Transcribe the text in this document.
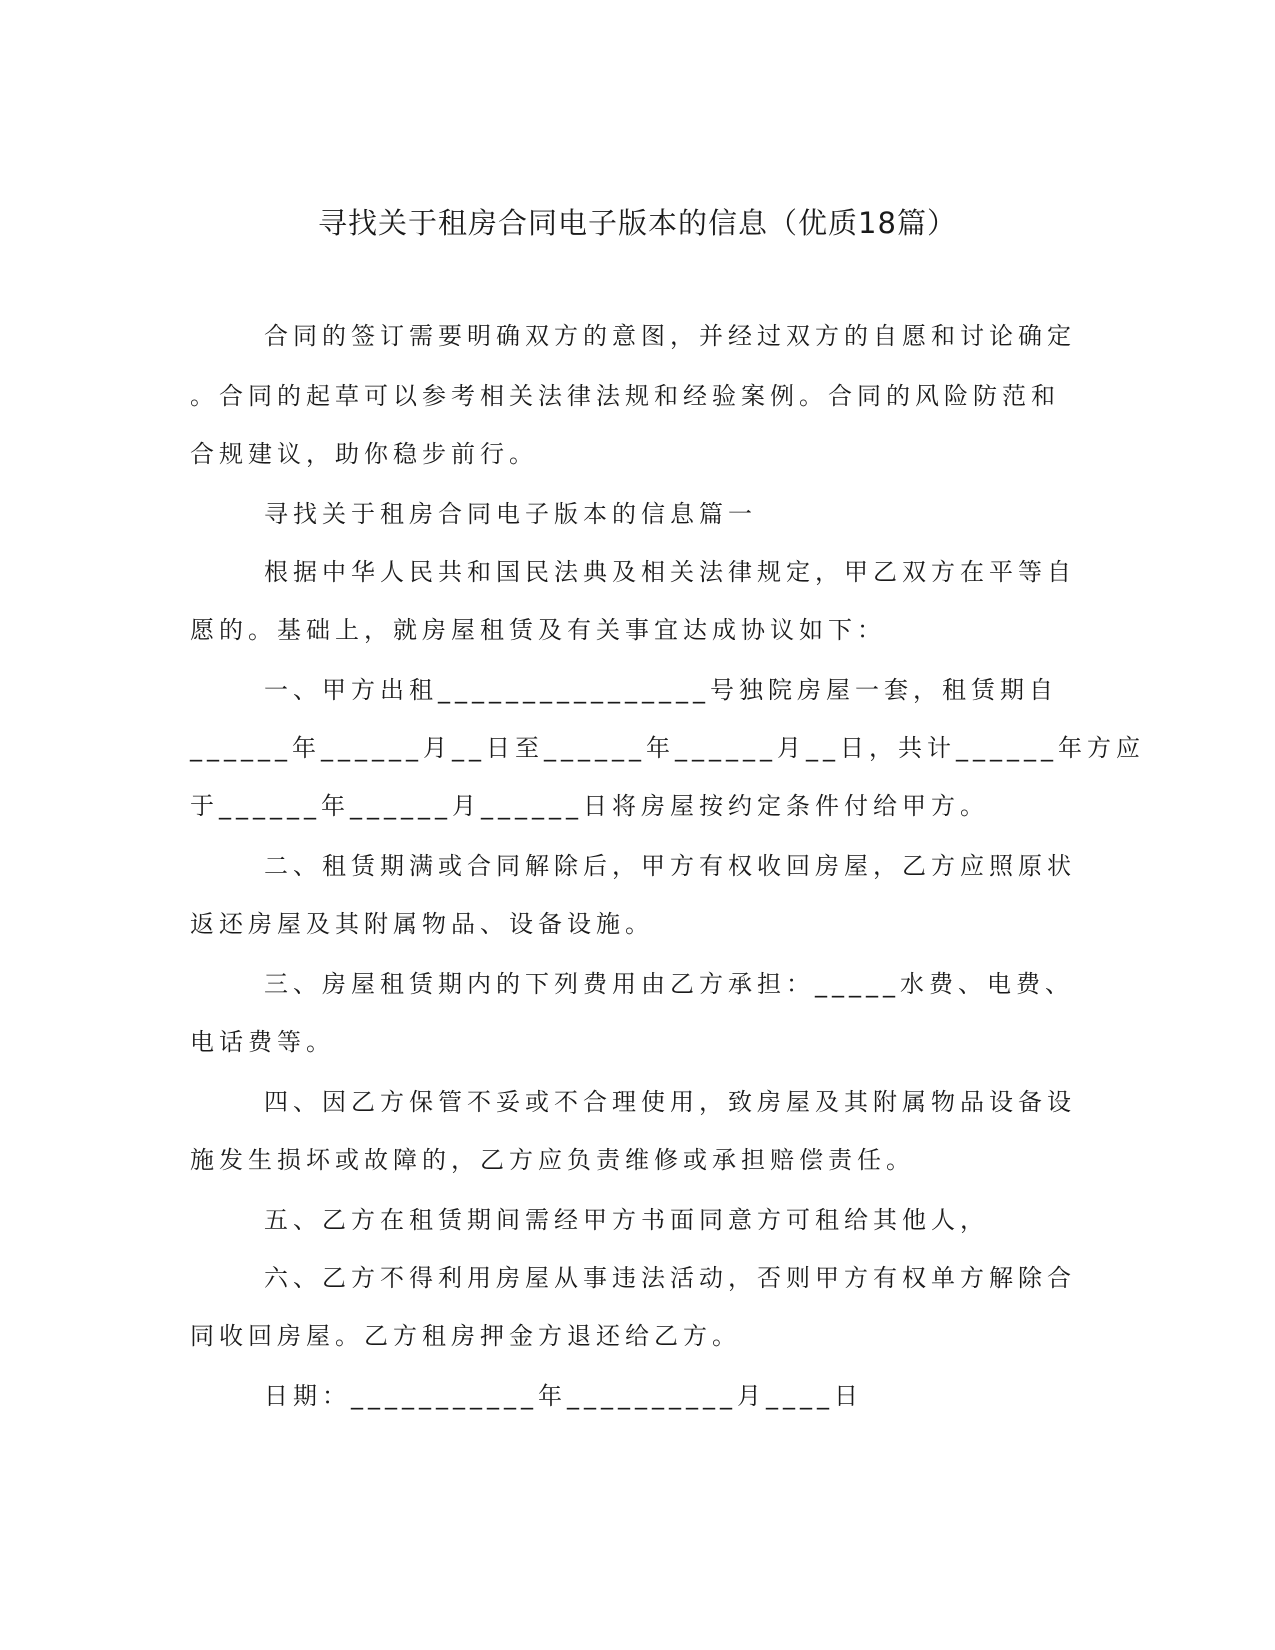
寻找关于租房合同电子版本的信息（优质18篇）
合同的签订需要明确双方的意图，并经过双方的自愿和讨论确定
。合同的起草可以参考相关法律法规和经验案例。合同的风险防范和
合规建议，助你稳步前行。
寻找关于租房合同电子版本的信息篇一
根据中华人民共和国民法典及相关法律规定，甲乙双方在平等自
愿的。基础上，就房屋租赁及有关事宜达成协议如下：
一、甲方出租________________号独院房屋一套，租赁期自
______年______月__日至______年______月__日，共计______年方应
于______年______月______日将房屋按约定条件付给甲方。
二、租赁期满或合同解除后，甲方有权收回房屋，乙方应照原状
返还房屋及其附属物品、设备设施。
三、房屋租赁期内的下列费用由乙方承担：_____水费、电费、
电话费等。
四、因乙方保管不妥或不合理使用，致房屋及其附属物品设备设
施发生损坏或故障的，乙方应负责维修或承担赔偿责任。
五、乙方在租赁期间需经甲方书面同意方可租给其他人，
六、乙方不得利用房屋从事违法活动，否则甲方有权单方解除合
同收回房屋。乙方租房押金方退还给乙方。
日期：___________年__________月____日
